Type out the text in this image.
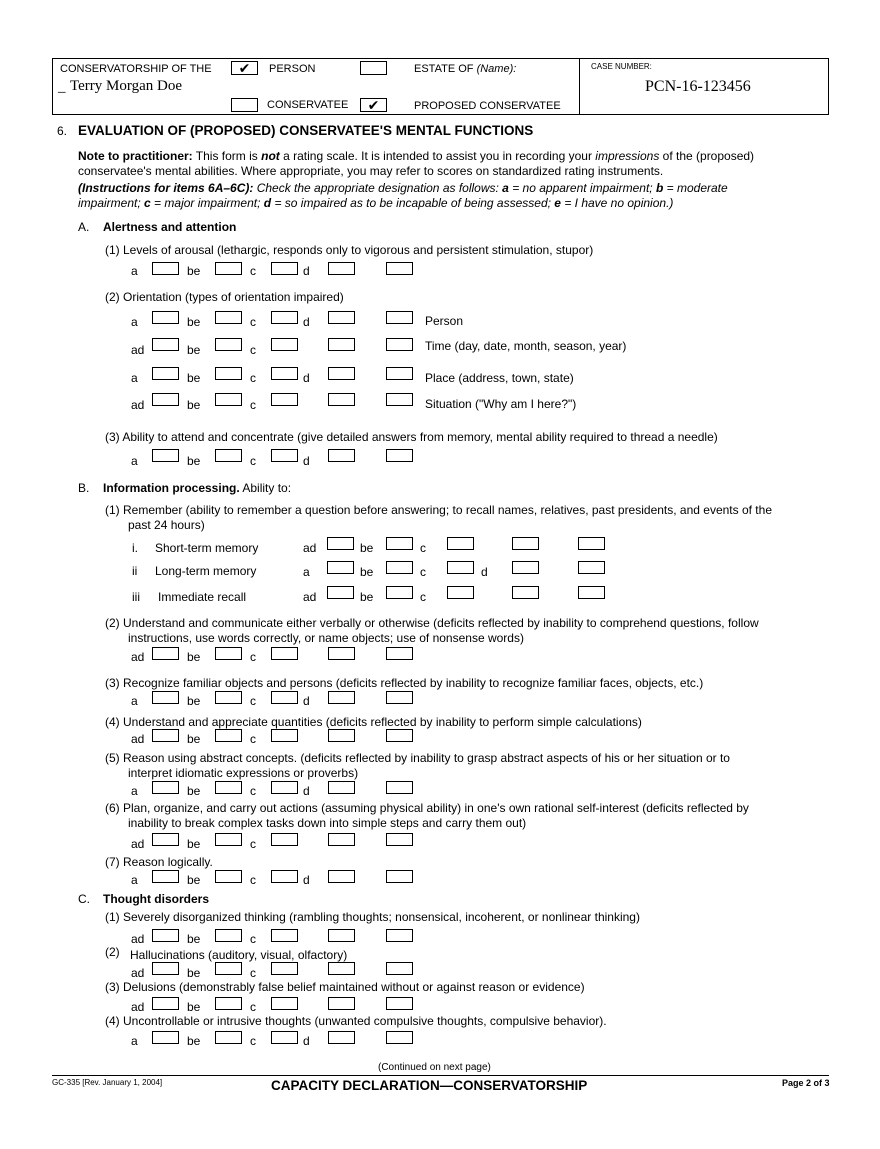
CONSERVATORSHIP OF THE	✔	PERSON	ESTATE OF (Name):
_ Terry Morgan Doe
CONSERVATEE	✔	PROPOSED CONSERVATEE
CASE NUMBER:
PCN-16-123456
6. EVALUATION OF (PROPOSED) CONSERVATEE'S MENTAL FUNCTIONS
Note to practitioner: This form is not a rating scale. It is intended to assist you in recording your impressions of the (proposed)
conservatee's mental abilities. Where appropriate, you may refer to scores on standardized rating instruments.
(Instructions for items 6A–6C): Check the appropriate designation as follows: a = no apparent impairment; b = moderate
impairment; c = major impairment; d = so impaired as to be incapable of being assessed; e = I have no opinion.)
A. Alertness and attention
(1) Levels of arousal (lethargic, responds only to vigorous and persistent stimulation, stupor)
a	be	c	d
(2) Orientation (types of orientation impaired)
a	be	c	d	Person
ad	be	c	Time (day, date, month, season, year)
a	be	c	d	Place (address, town, state)
ad	be	c	Situation ("Why am I here?")
(3) Ability to attend and concentrate (give detailed answers from memory, mental ability required to thread a needle)
a	be	c	d
B. Information processing. Ability to:
(1) Remember (ability to remember a question before answering; to recall names, relatives, past presidents, and events of the
past 24 hours)
i. Short-term memory	ad	be	c
ii Long-term memory	a	be	c	d
iii Immediate recall	ad	be	c
(2) Understand and communicate either verbally or otherwise (deficits reflected by inability to comprehend questions, follow
instructions, use words correctly, or name objects; use of nonsense words)
ad	be	c
(3) Recognize familiar objects and persons (deficits reflected by inability to recognize familiar faces, objects, etc.)
a	be	c	d
(4) Understand and appreciate quantities (deficits reflected by inability to perform simple calculations)
ad	be	c
(5) Reason using abstract concepts. (deficits reflected by inability to grasp abstract aspects of his or her situation or to
interpret idiomatic expressions or proverbs)
a	be	c	d
(6) Plan, organize, and carry out actions (assuming physical ability) in one's own rational self-interest (deficits reflected by
inability to break complex tasks down into simple steps and carry them out)
ad	be	c
(7) Reason logically.
a	be	c	d
C. Thought disorders
(1) Severely disorganized thinking (rambling thoughts; nonsensical, incoherent, or nonlinear thinking)
ad	be	c
(2) Hallucinations (auditory, visual, olfactory)
ad	be	c
(3) Delusions (demonstrably false belief maintained without or against reason or evidence)
ad	be	c
(4) Uncontrollable or intrusive thoughts (unwanted compulsive thoughts, compulsive behavior).
a	be	c	d
(Continued on next page)
GC-335 [Rev. January 1, 2004]	CAPACITY DECLARATION—CONSERVATORSHIP	Page 2 of 3
